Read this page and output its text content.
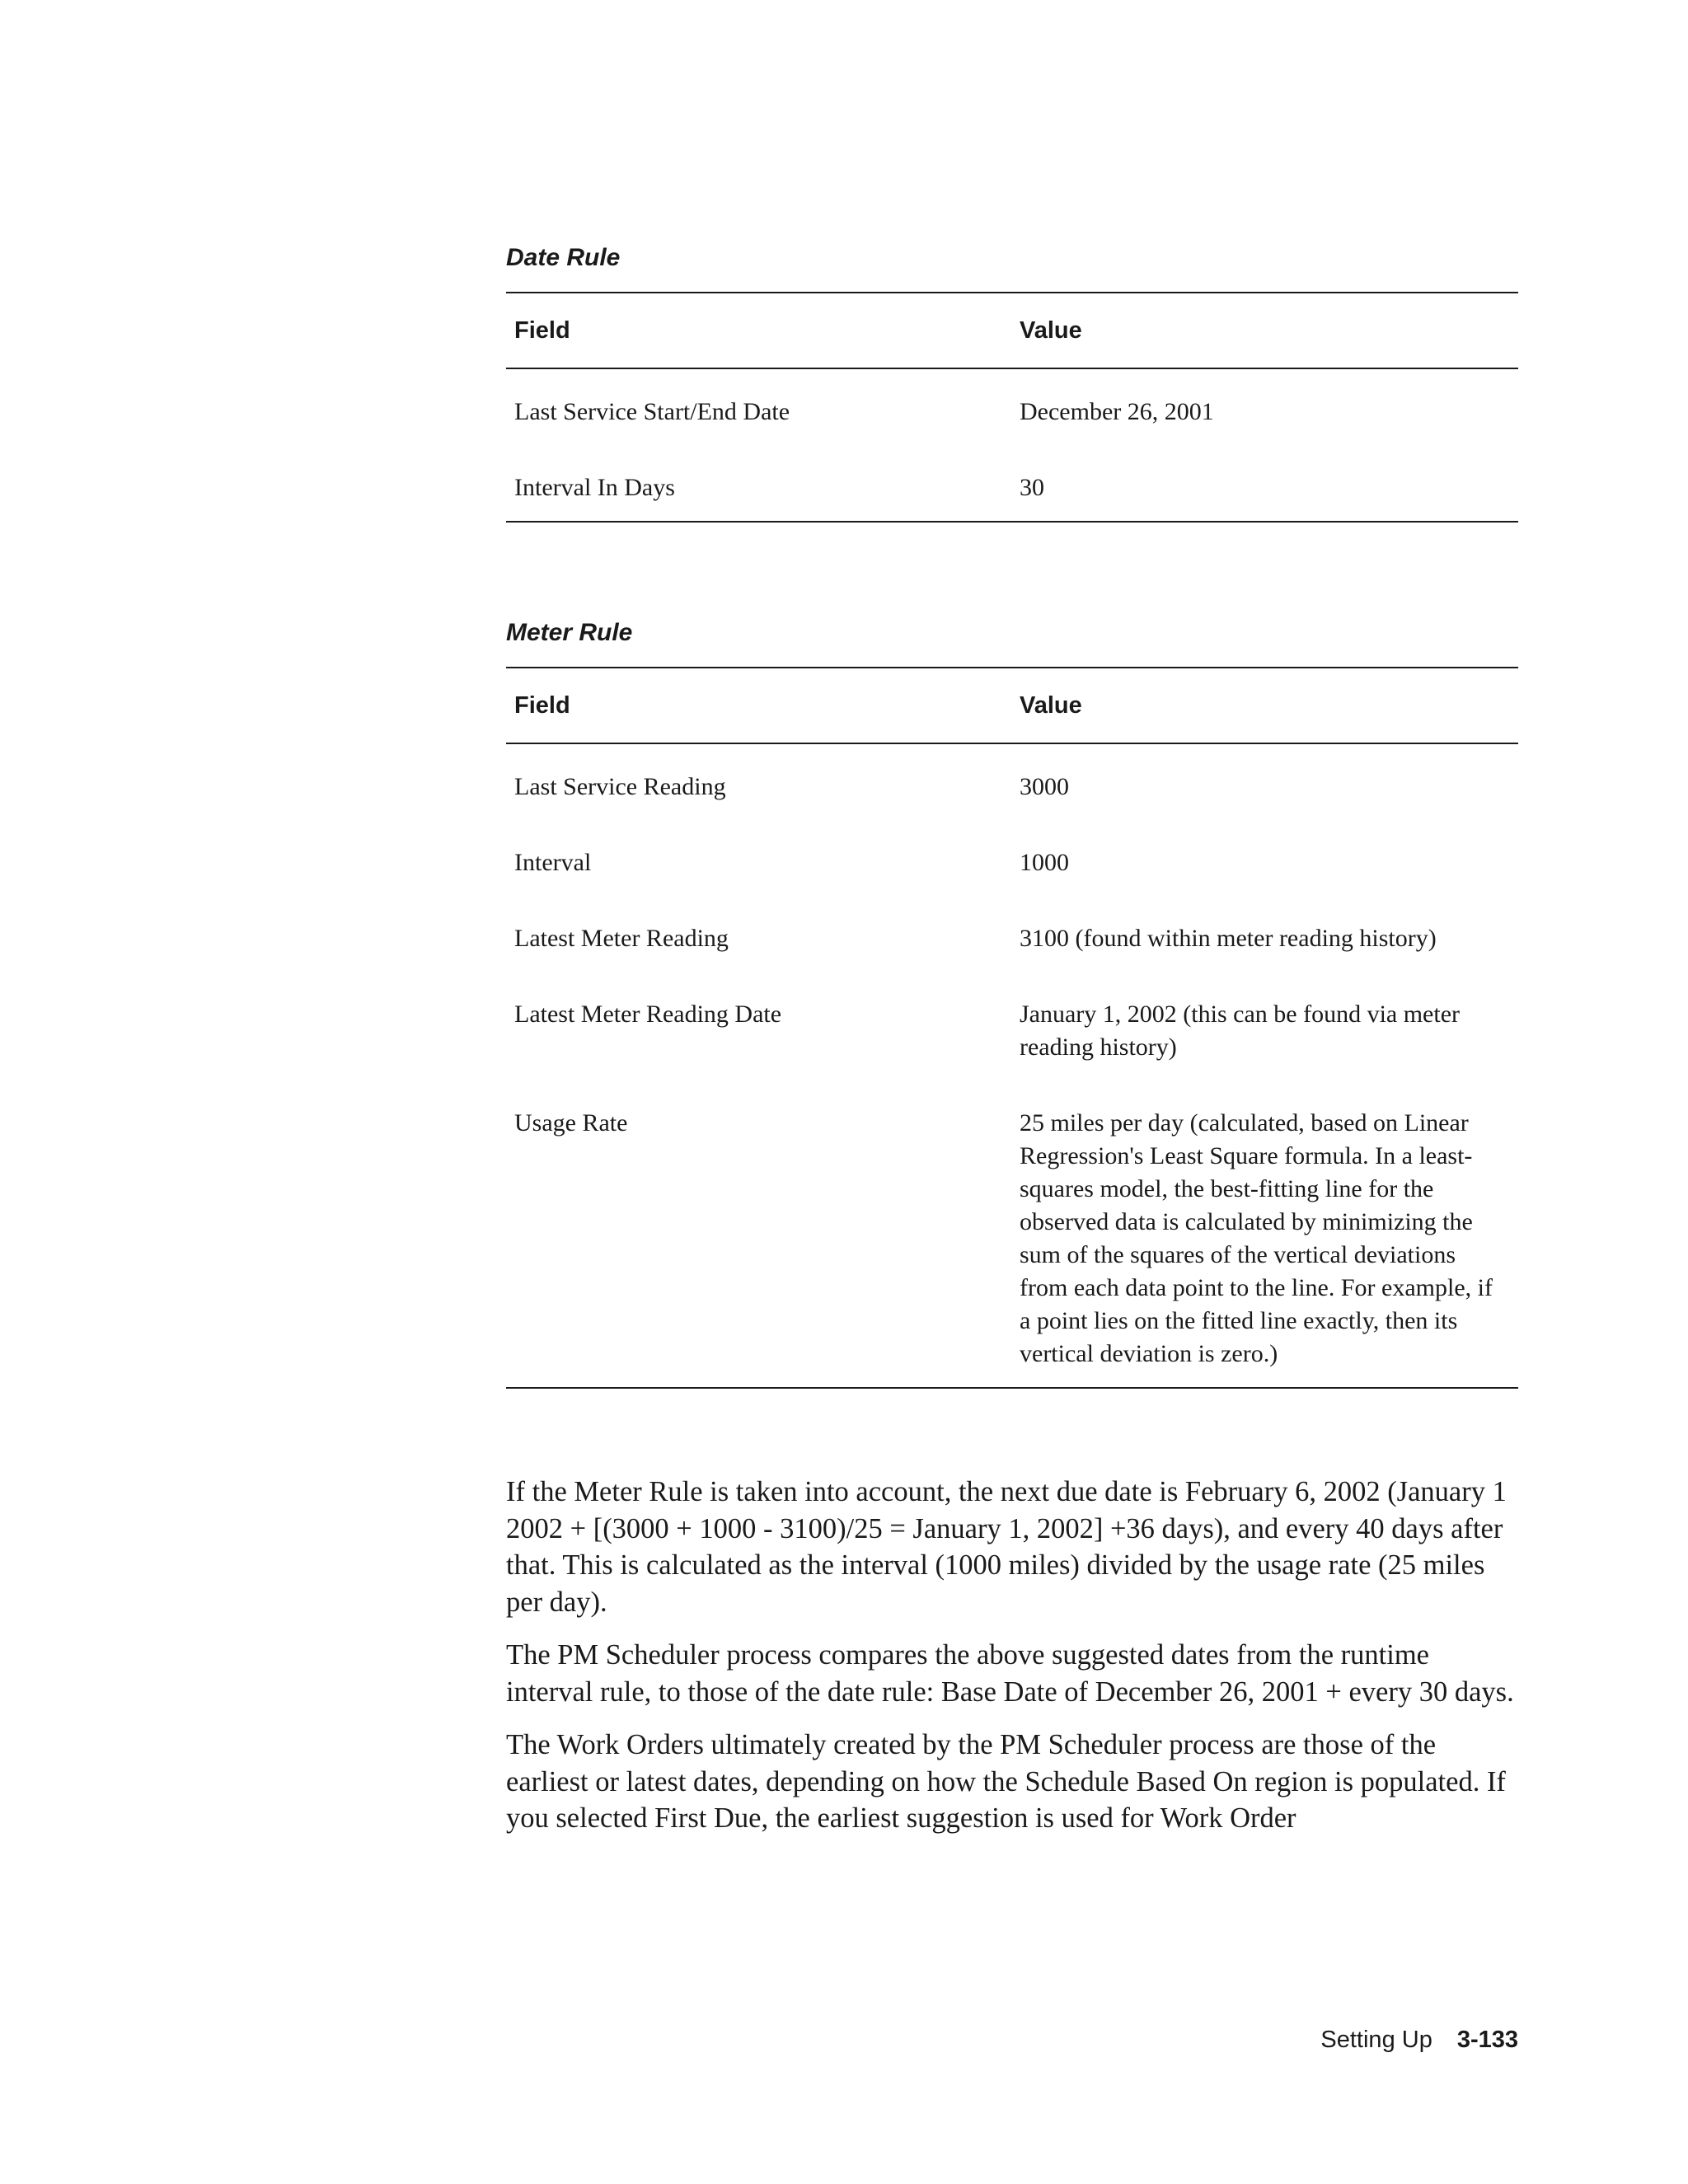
Date Rule
Field	Value
Last Service Start/End Date	December 26, 2001
Interval In Days	30
Meter Rule
Field	Value
Last Service Reading	3000
Interval	1000
Latest Meter Reading	3100 (found within meter reading history)
Latest Meter Reading Date	January 1, 2002 (this can be found via meter reading history)
Usage Rate	25 miles per day (calculated, based on Linear Regression's Least Square formula. In a least-squares model, the best-fitting line for the observed data is calculated by minimizing the sum of the squares of the vertical deviations from each data point to the line. For example, if a point lies on the fitted line exactly, then its vertical deviation is zero.)

If the Meter Rule is taken into account, the next due date is February 6, 2002 (January 1 2002 + [(3000 + 1000 - 3100)/25 = January 1, 2002] +36 days), and every 40 days after that. This is calculated as the interval (1000 miles) divided by the usage rate (25 miles per day).

The PM Scheduler process compares the above suggested dates from the runtime interval rule, to those of the date rule: Base Date of December 26, 2001 + every 30 days.

The Work Orders ultimately created by the PM Scheduler process are those of the earliest or latest dates, depending on how the Schedule Based On region is populated. If you selected First Due, the earliest suggestion is used for Work Order

Setting Up 3-133
